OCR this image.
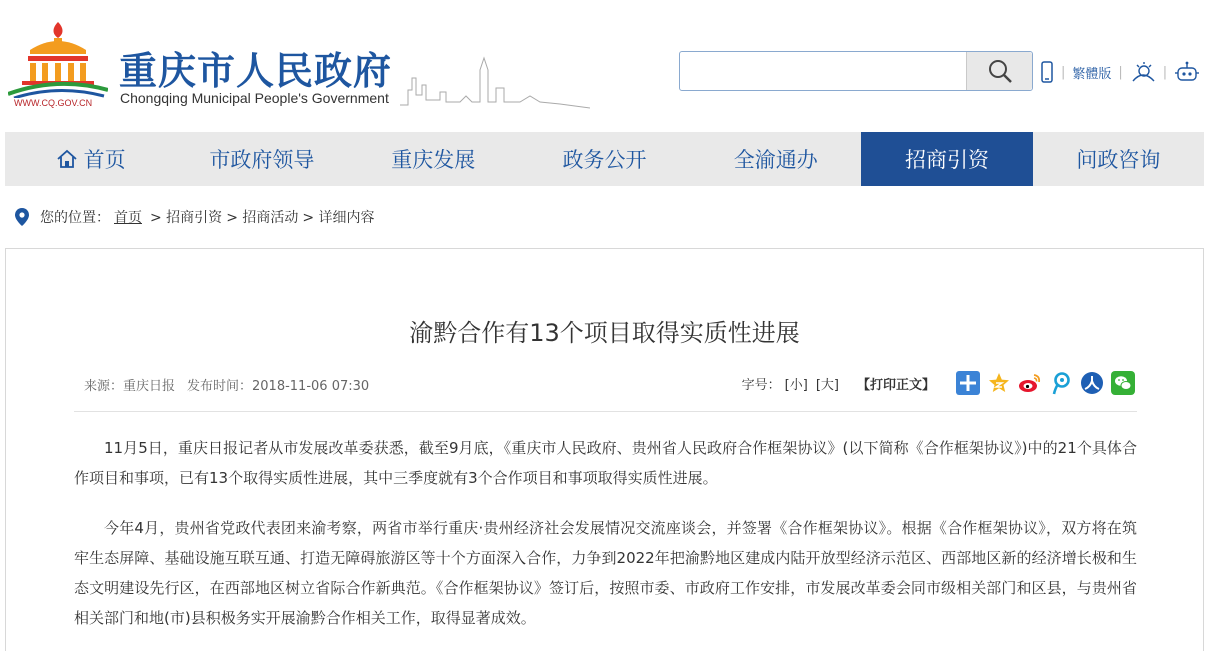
WWW.CQ.GOV.CN
重庆市人民政府
Chongqing Municipal People's Government
| 繁體版 |	|
首页	市政府领导	重庆发展	政务公开	全渝通办	招商引资	问政咨询
您的位置： 首页 > 招商引资 > 招商活动 > 详细内容
渝黔合作有13个项目取得实质性进展
来源：重庆日报 发布时间：2018-11-06 07:30	字号： [小] [大] 【打印正文】

11月5日，重庆日报记者从市发展改革委获悉，截至9月底，《重庆市人民政府、贵州省人民政府合作框架协议》(以下简称《合作框架协议》)中的21个具体合作项目和事项，已有13个取得实质性进展，其中三季度就有3个合作项目和事项取得实质性进展。

今年4月，贵州省党政代表团来渝考察，两省市举行重庆·贵州经济社会发展情况交流座谈会，并签署《合作框架协议》。根据《合作框架协议》，双方将在筑牢生态屏障、基础设施互联互通、打造无障碍旅游区等十个方面深入合作，力争到2022年把渝黔地区建成内陆开放型经济示范区、西部地区新的经济增长极和生态文明建设先行区，在西部地区树立省际合作新典范。《合作框架协议》签订后，按照市委、市政府工作安排，市发展改革委会同市级相关部门和区县，与贵州省相关部门和地(市)县积极务实开展渝黔合作相关工作，取得显著成效。
